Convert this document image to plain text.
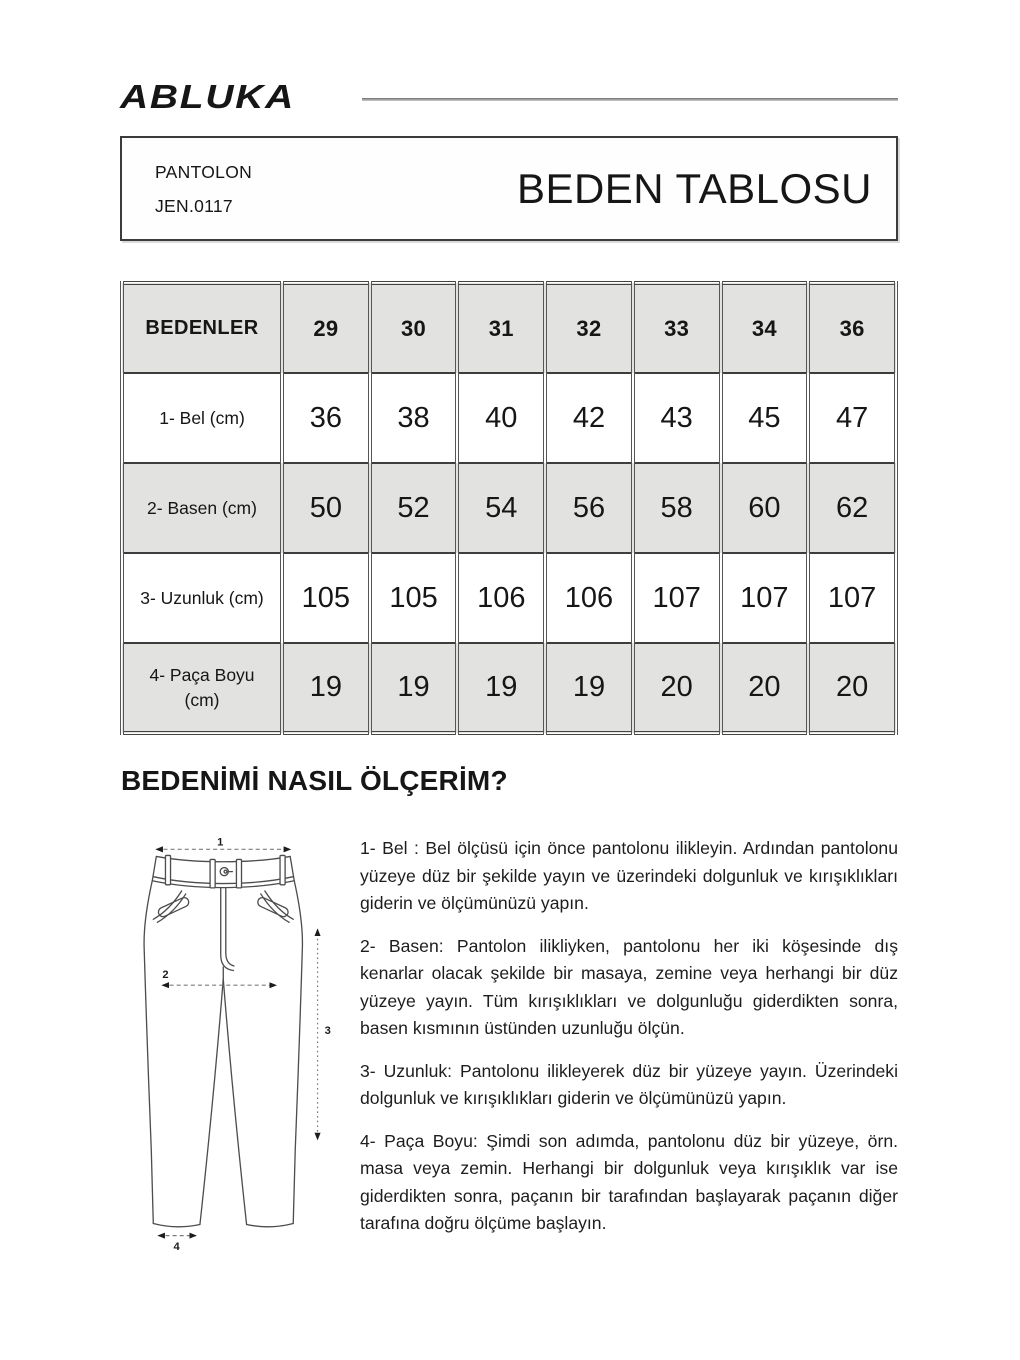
ABLUKA
PANTOLON
JEN.0117	BEDEN TABLOSU
BEDENLER	29	30	31	32	33	34	36
1- Bel (cm)	36	38	40	42	43	45	47
2- Basen (cm)	50	52	54	56	58	60	62
3- Uzunluk (cm)	105	105	106	106	107	107	107
4- Paça Boyu (cm)	19	19	19	19	20	20	20
BEDENİMİ NASIL ÖLÇERİM?
1
2
3
4

1- Bel : Bel ölçüsü için önce pantolonu ilikleyin. Ardından pantolonu yüzeye düz bir şekilde yayın ve üzerindeki dolgunluk ve kırışıklıkları giderin ve ölçümünüzü yapın.

2- Basen: Pantolon ilikliyken, pantolonu her iki köşesinde dış kenarlar olacak şekilde bir masaya, zemine veya herhangi bir düz yüzeye yayın. Tüm kırışıklıkları ve dolgunluğu giderdikten sonra, basen kısmının üstünden uzunluğu ölçün.

3- Uzunluk: Pantolonu ilikleyerek düz bir yüzeye yayın. Üzerindeki dolgunluk ve kırışıklıkları giderin ve ölçümünüzü yapın.

4- Paça Boyu: Şimdi son adımda, pantolonu düz bir yüzeye, örn. masa veya zemin. Herhangi bir dolgunluk veya kırışıklık var ise giderdikten sonra, paçanın bir tarafından başlayarak paçanın diğer tarafına doğru ölçüme başlayın.
